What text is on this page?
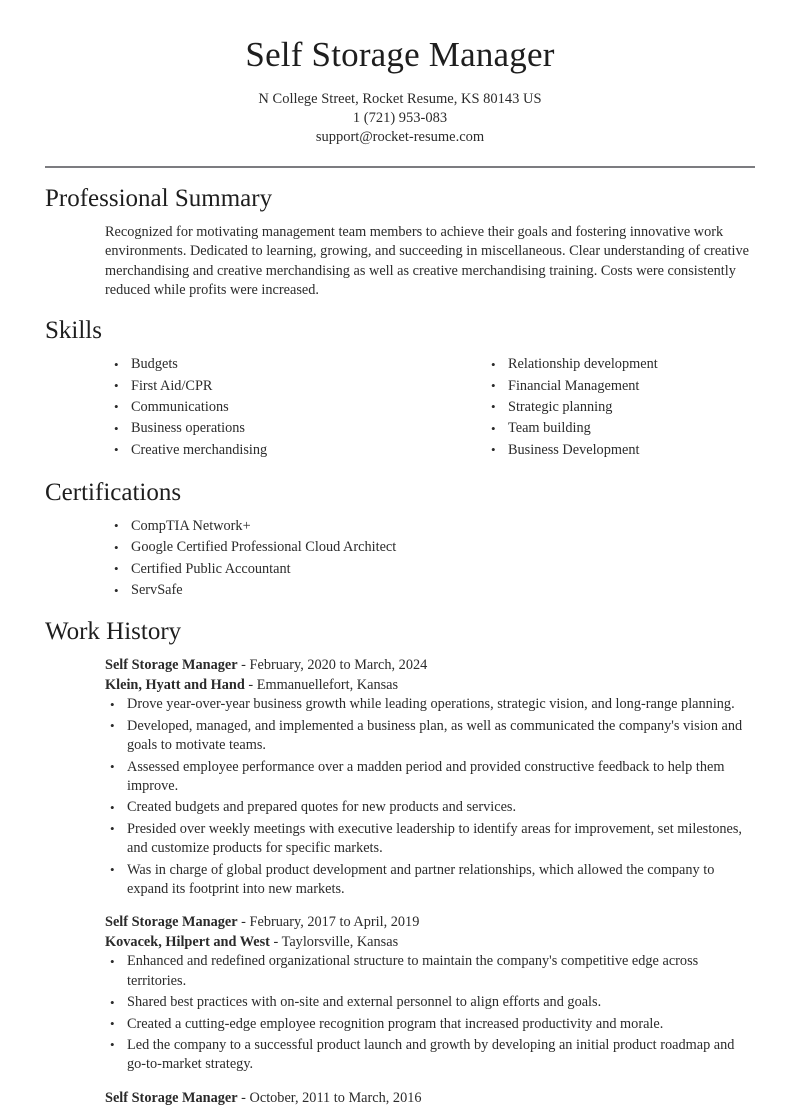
Self Storage Manager
N College Street, Rocket Resume, KS 80143 US
1 (721) 953-083
support@rocket-resume.com
Professional Summary

Recognized for motivating management team members to achieve their goals and fostering innovative work environments. Dedicated to learning, growing, and succeeding in miscellaneous. Clear understanding of creative merchandising and creative merchandising as well as creative merchandising training. Costs were consistently reduced while profits were increased.

Skills
• Budgets
• First Aid/CPR
• Communications
• Business operations
• Creative merchandising
• Relationship development
• Financial Management
• Strategic planning
• Team building
• Business Development
Certifications
• CompTIA Network+
• Google Certified Professional Cloud Architect
• Certified Public Accountant
• ServSafe
Work History
Self Storage Manager - February, 2020 to March, 2024
Klein, Hyatt and Hand - Emmanuellefort, Kansas
• Drove year-over-year business growth while leading operations, strategic vision, and long-range planning.
• Developed, managed, and implemented a business plan, as well as communicated the company's vision and goals to motivate teams.
• Assessed employee performance over a madden period and provided constructive feedback to help them improve.
• Created budgets and prepared quotes for new products and services.
• Presided over weekly meetings with executive leadership to identify areas for improvement, set milestones, and customize products for specific markets.
• Was in charge of global product development and partner relationships, which allowed the company to expand its footprint into new markets.
Self Storage Manager - February, 2017 to April, 2019
Kovacek, Hilpert and West - Taylorsville, Kansas
• Enhanced and redefined organizational structure to maintain the company's competitive edge across territories.
• Shared best practices with on-site and external personnel to align efforts and goals.
• Created a cutting-edge employee recognition program that increased productivity and morale.
• Led the company to a successful product launch and growth by developing an initial product roadmap and go-to-market strategy.
Self Storage Manager - October, 2011 to March, 2016
